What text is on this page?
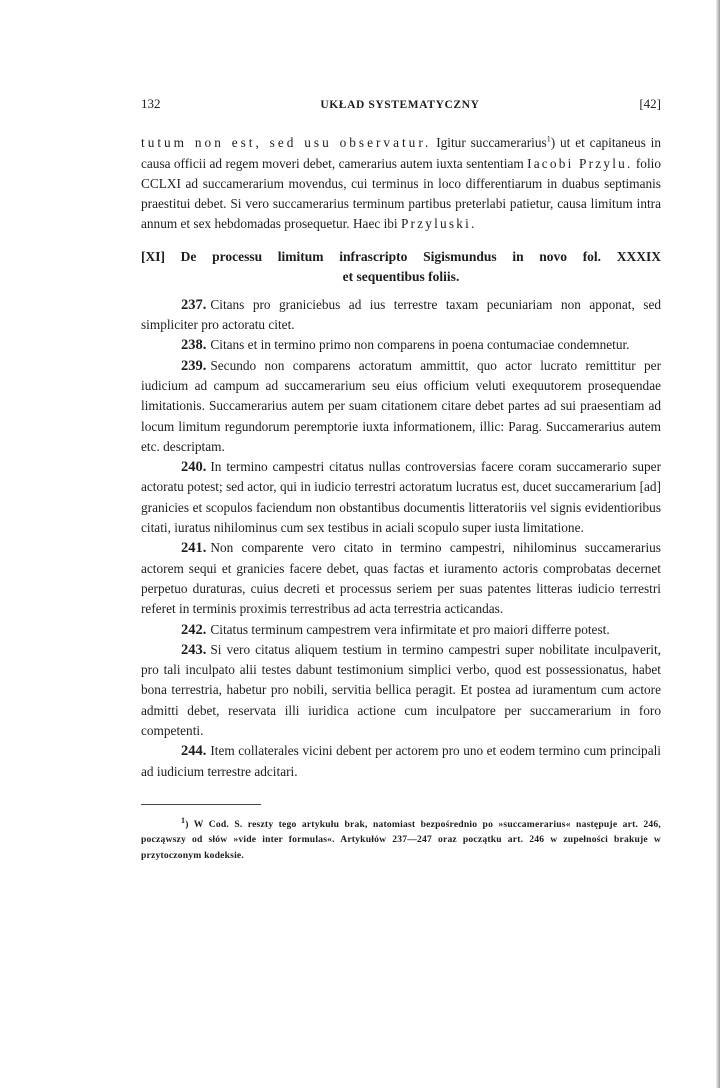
132	UKŁAD SYSTEMATYCZNY	[42]

tutum non est, sed usu observatur. Igitur succamerarius$^1$) ut et capitaneus in causa officii ad regem moveri debet, camerarius autem iuxta sententiam Iacobi Przylu. folio CCLXI ad succamerarium movendus, cui terminus in loco differentiarum in duabus septimanis praestitui debet. Si vero succamerarius terminum partibus preterlabi patietur, causa limitum intra annum et sex hebdomadas prosequetur. Haec ibi Przyluski.

[XI] De processu limitum infrascripto Sigismundus in novo fol. XXXIX
et sequentibus foliis.

237. Citans pro graniciebus ad ius terrestre taxam pecuniariam non apponat, sed simpliciter pro actoratu citet.

238. Citans et in termino primo non comparens in poena contumaciae condemnetur.

239. Secundo non comparens actoratum ammittit, quo actor lucrato remittitur per iudicium ad campum ad succamerarium seu eius officium veluti exequutorem prosequendae limitationis. Succamerarius autem per suam citationem citare debet partes ad sui praesentiam ad locum limitum regundorum peremptorie iuxta informationem, illic: Parag. Succamerarius autem etc. descriptam.

240. In termino campestri citatus nullas controversias facere coram succamerario super actoratu potest; sed actor, qui in iudicio terrestri actoratum lucratus est, ducet succamerarium [ad] granicies et scopulos faciendum non obstantibus documentis litteratoriis vel signis evidentioribus citati, iuratus nihilominus cum sex testibus in aciali scopulo super iusta limitatione.

241. Non comparente vero citato in termino campestri, nihilominus succamerarius actorem sequi et granicies facere debet, quas factas et iuramento actoris comprobatas decernet perpetuo duraturas, cuius decreti et processus seriem per suas patentes litteras iudicio terrestri referet in terminis proximis terrestribus ad acta terrestria acticandas.

242. Citatus terminum campestrem vera infirmitate et pro maiori differre potest.

243. Si vero citatus aliquem testium in termino campestri super nobilitate inculpaverit, pro tali inculpato alii testes dabunt testimonium simplici verbo, quod est possessionatus, habet bona terrestria, habetur pro nobili, servitia bellica peragit. Et postea ad iuramentum cum actore admitti debet, reservata illi iuridica actione cum inculpatore per succamerarium in foro competenti.

244. Item collaterales vicini debent per actorem pro uno et eodem termino cum principali ad iudicium terrestre adcitari.

$^1$) W Cod. S. reszty tego artykułu brak, natomiast bezpośrednio po »succamerarius« następuje art. 246, począwszy od słów »vide inter formulas«. Artykułów 237—247 oraz początku art. 246 w zupełności brakuje w przytoczonym kodeksie.
